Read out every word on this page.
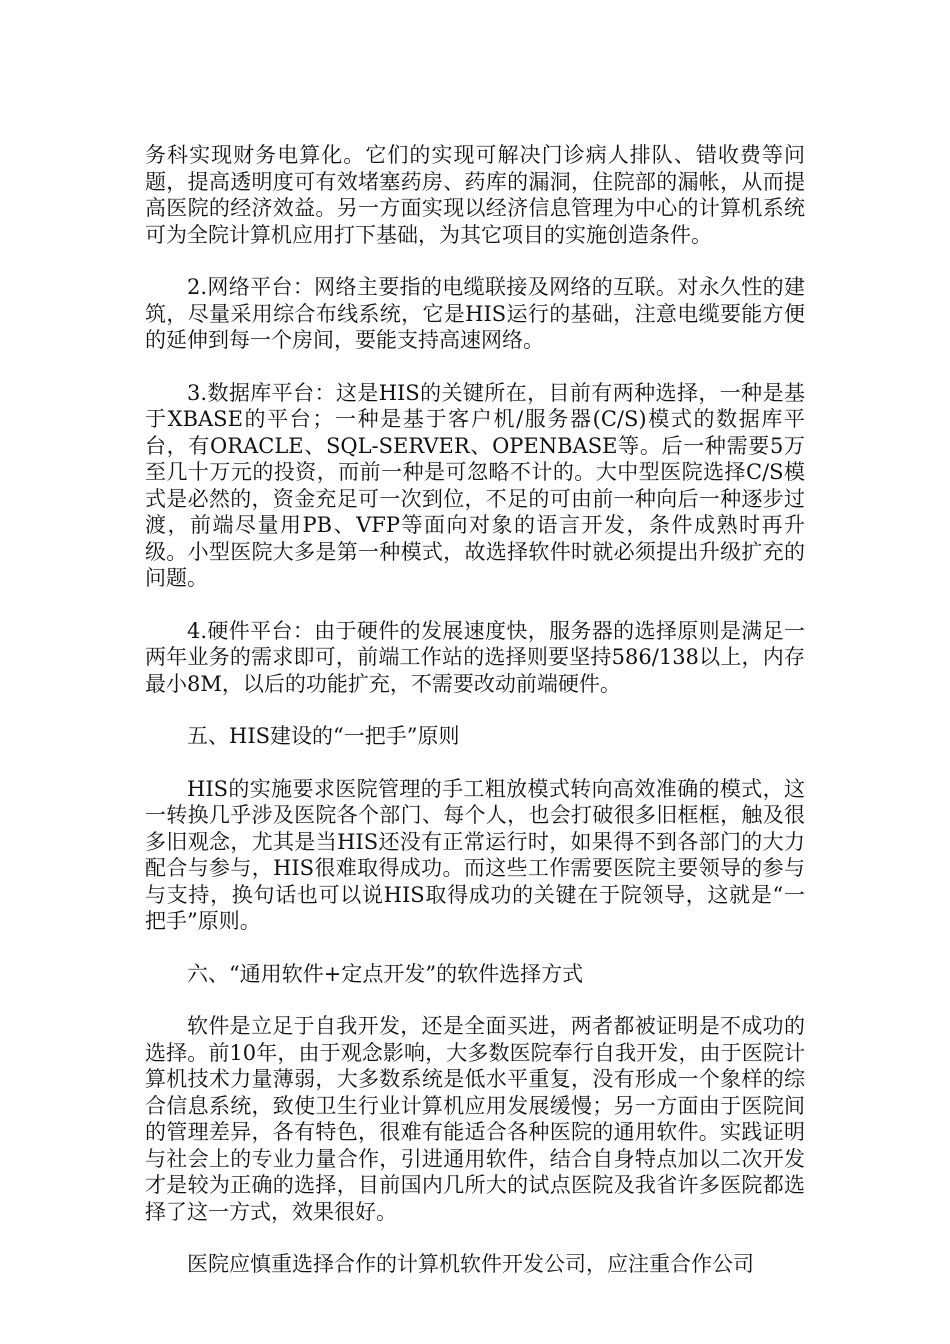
务科实现财务电算化。它们的实现可解决门诊病人排队、错收费等问题，提高透明度可有效堵塞药房、药库的漏洞，住院部的漏帐，从而提高医院的经济效益。另一方面实现以经济信息管理为中心的计算机系统可为全院计算机应用打下基础，为其它项目的实施创造条件。

2.网络平台：网络主要指的电缆联接及网络的互联。对永久性的建筑，尽量采用综合布线系统，它是HIS运行的基础，注意电缆要能方便的延伸到每一个房间，要能支持高速网络。

3.数据库平台：这是HIS的关键所在，目前有两种选择，一种是基于XBASE的平台；一种是基于客户机/服务器(C/S)模式的数据库平台，有ORACLE、SQL-SERVER、OPENBASE等。后一种需要5万至几十万元的投资，而前一种是可忽略不计的。大中型医院选择C/S模式是必然的，资金充足可一次到位，不足的可由前一种向后一种逐步过渡，前端尽量用PB、VFP等面向对象的语言开发，条件成熟时再升级。小型医院大多是第一种模式，故选择软件时就必须提出升级扩充的问题。

4.硬件平台：由于硬件的发展速度快，服务器的选择原则是满足一两年业务的需求即可，前端工作站的选择则要坚持586/138以上，内存最小8M，以后的功能扩充，不需要改动前端硬件。

五、HIS建设的“一把手”原则

HIS的实施要求医院管理的手工粗放模式转向高效准确的模式，这一转换几乎涉及医院各个部门、每个人，也会打破很多旧框框，触及很多旧观念，尤其是当HIS还没有正常运行时，如果得不到各部门的大力配合与参与，HIS很难取得成功。而这些工作需要医院主要领导的参与与支持，换句话也可以说HIS取得成功的关键在于院领导，这就是“一把手”原则。

六、“通用软件+定点开发”的软件选择方式

软件是立足于自我开发，还是全面买进，两者都被证明是不成功的选择。前10年，由于观念影响，大多数医院奉行自我开发，由于医院计算机技术力量薄弱，大多数系统是低水平重复，没有形成一个象样的综合信息系统，致使卫生行业计算机应用发展缓慢；另一方面由于医院间的管理差异，各有特色，很难有能适合各种医院的通用软件。实践证明与社会上的专业力量合作，引进通用软件，结合自身特点加以二次开发才是较为正确的选择，目前国内几所大的试点医院及我省许多医院都选择了这一方式，效果很好。

医院应慎重选择合作的计算机软件开发公司，应注重合作公司
